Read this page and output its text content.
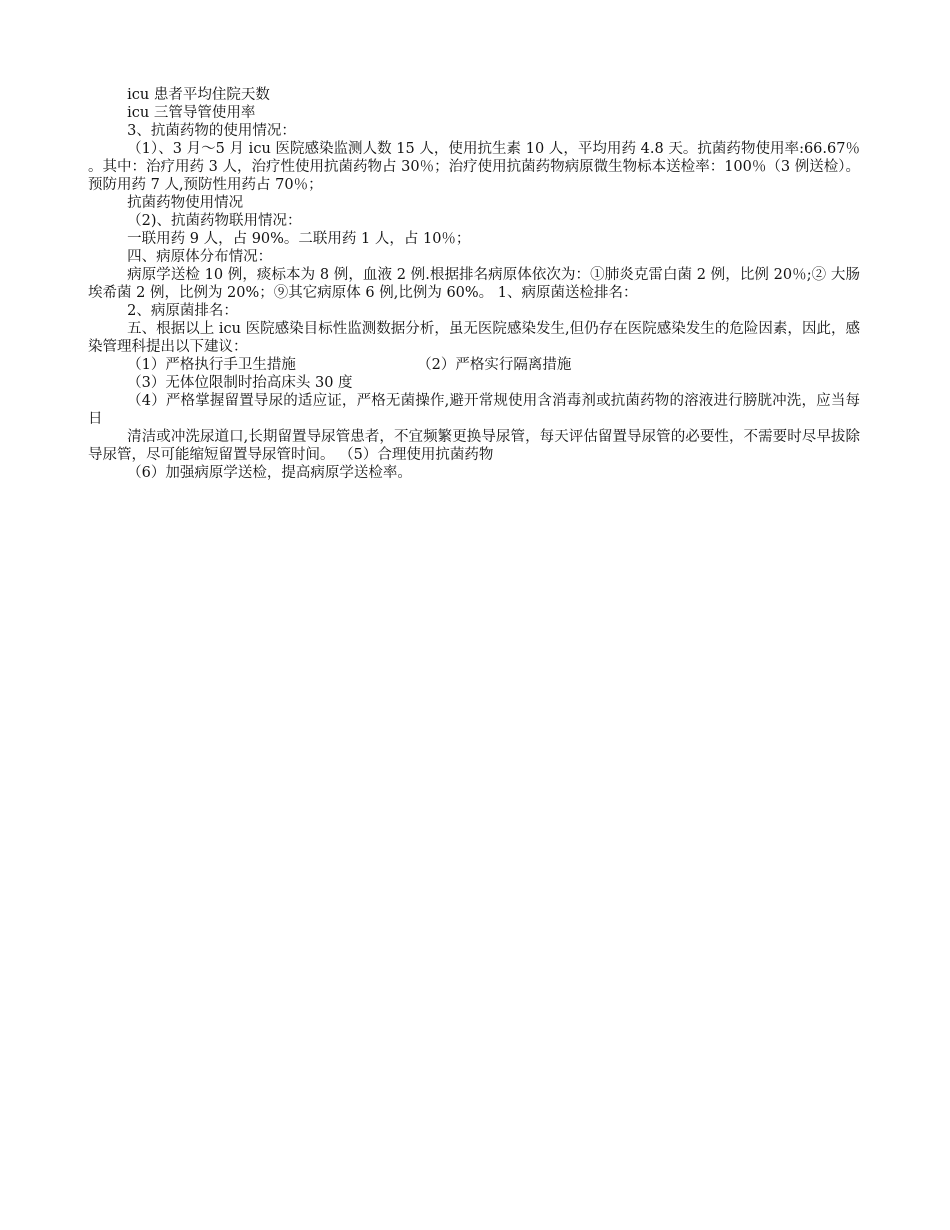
icu 患者平均住院天数

icu 三管导管使用率

3、抗菌药物的使用情况：

（1）、3 月～5 月 icu 医院感染监测人数 15 人，使用抗生素 10 人，平均用药 4.8 天。抗菌药物使用率:66.67％ 。其中：治疗用药 3 人，治疗性使用抗菌药物占 30％；治疗使用抗菌药物病原微生物标本送检率：100％（3 例送检）。预防用药 7 人,预防性用药占 70％；

抗菌药物使用情况

（2)、抗菌药物联用情况：

一联用药 9 人，占 90%。二联用药 1 人，占 10％；

四、病原体分布情况：

病原学送检 10 例，痰标本为 8 例，血液 2 例.根据排名病原体依次为：①肺炎克雷白菌 2 例，比例 20％;② 大肠埃希菌 2 例，比例为 20%；⑨其它病原体 6 例,比例为 60%。 1、病原菌送检排名：

2、病原菌排名：

五、根据以上 icu 医院感染目标性监测数据分析，虽无医院感染发生,但仍存在医院感染发生的危险因素，因此，感染管理科提出以下建议：

（1）严格执行手卫生措施	（2）严格实行隔离措施

（3）无体位限制时抬高床头 30 度

（4）严格掌握留置导尿的适应证，严格无菌操作,避开常规使用含消毒剂或抗菌药物的溶液进行膀胱冲洗，应当每日

清洁或冲洗尿道口,长期留置导尿管患者，不宜频繁更换导尿管，每天评估留置导尿管的必要性，不需要时尽早拔除导尿管，尽可能缩短留置导尿管时间。 （5）合理使用抗菌药物

（6）加强病原学送检，提高病原学送检率。
